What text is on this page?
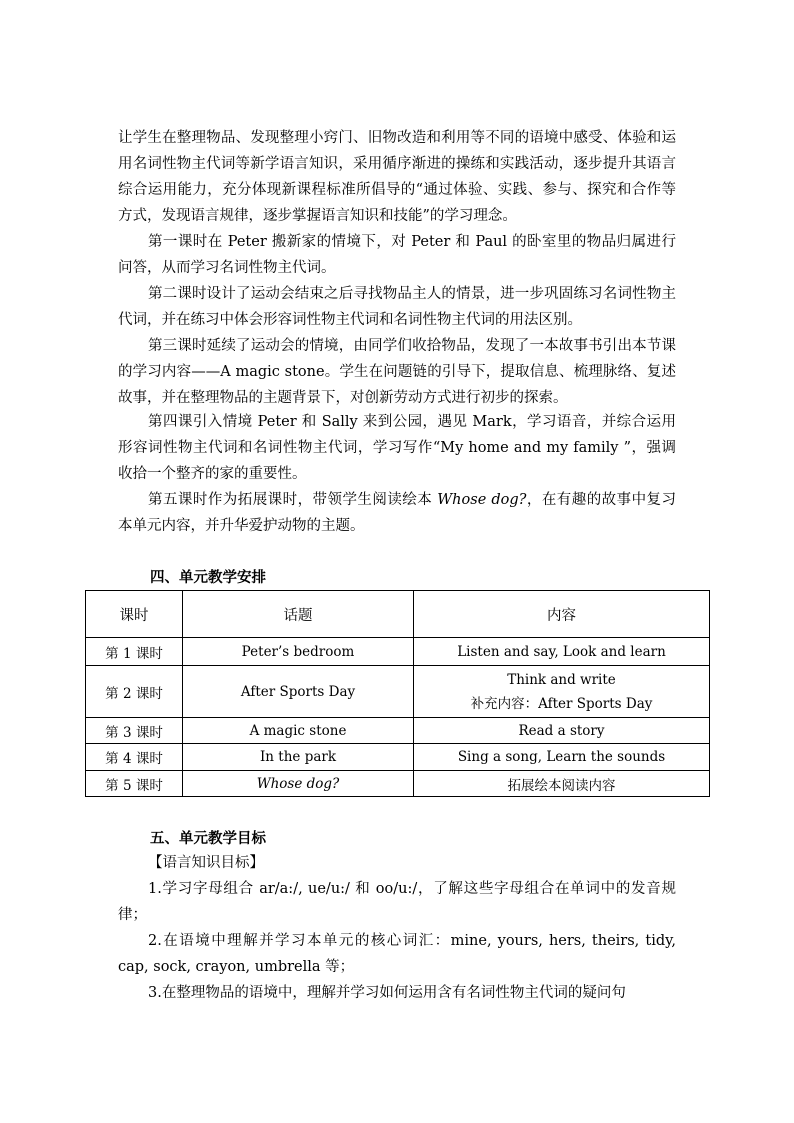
让学生在整理物品、发现整理小窍门、旧物改造和利用等不同的语境中感受、体验和运用名词性物主代词等新学语言知识，采用循序渐进的操练和实践活动，逐步提升其语言综合运用能力，充分体现新课程标准所倡导的“通过体验、实践、参与、探究和合作等方式，发现语言规律，逐步掌握语言知识和技能”的学习理念。

第一课时在 Peter 搬新家的情境下，对 Peter 和 Paul 的卧室里的物品归属进行问答，从而学习名词性物主代词。

第二课时设计了运动会结束之后寻找物品主人的情景，进一步巩固练习名词性物主代词，并在练习中体会形容词性物主代词和名词性物主代词的用法区别。

第三课时延续了运动会的情境，由同学们收拾物品，发现了一本故事书引出本节课的学习内容——A magic stone。学生在问题链的引导下，提取信息、梳理脉络、复述故事，并在整理物品的主题背景下，对创新劳动方式进行初步的探索。

第四课引入情境 Peter 和 Sally 来到公园，遇见 Mark，学习语音，并综合运用形容词性物主代词和名词性物主代词，学习写作“My home and my family ”，强调收拾一个整齐的家的重要性。

第五课时作为拓展课时，带领学生阅读绘本 Whose dog?，在有趣的故事中复习本单元内容，并升华爱护动物的主题。

四、单元教学安排

课时	话题	内容
第 1 课时	Peter’s bedroom	Listen and say, Look and learn
第 2 课时	After Sports Day	Think and write
补充内容：After Sports Day

第 3 课时	A magic stone	Read a story
第 4 课时	In the park	Sing a song, Learn the sounds
第 5 课时	Whose dog?	拓展绘本阅读内容

五、单元教学目标

【语言知识目标】

1.学习字母组合 ar/a:/, ue/u:/ 和 oo/u:/，了解这些字母组合在单词中的发音规律；

2.在语境中理解并学习本单元的核心词汇：mine, yours, hers, theirs, tidy, cap, sock, crayon, umbrella 等；

3.在整理物品的语境中，理解并学习如何运用含有名词性物主代词的疑问句
